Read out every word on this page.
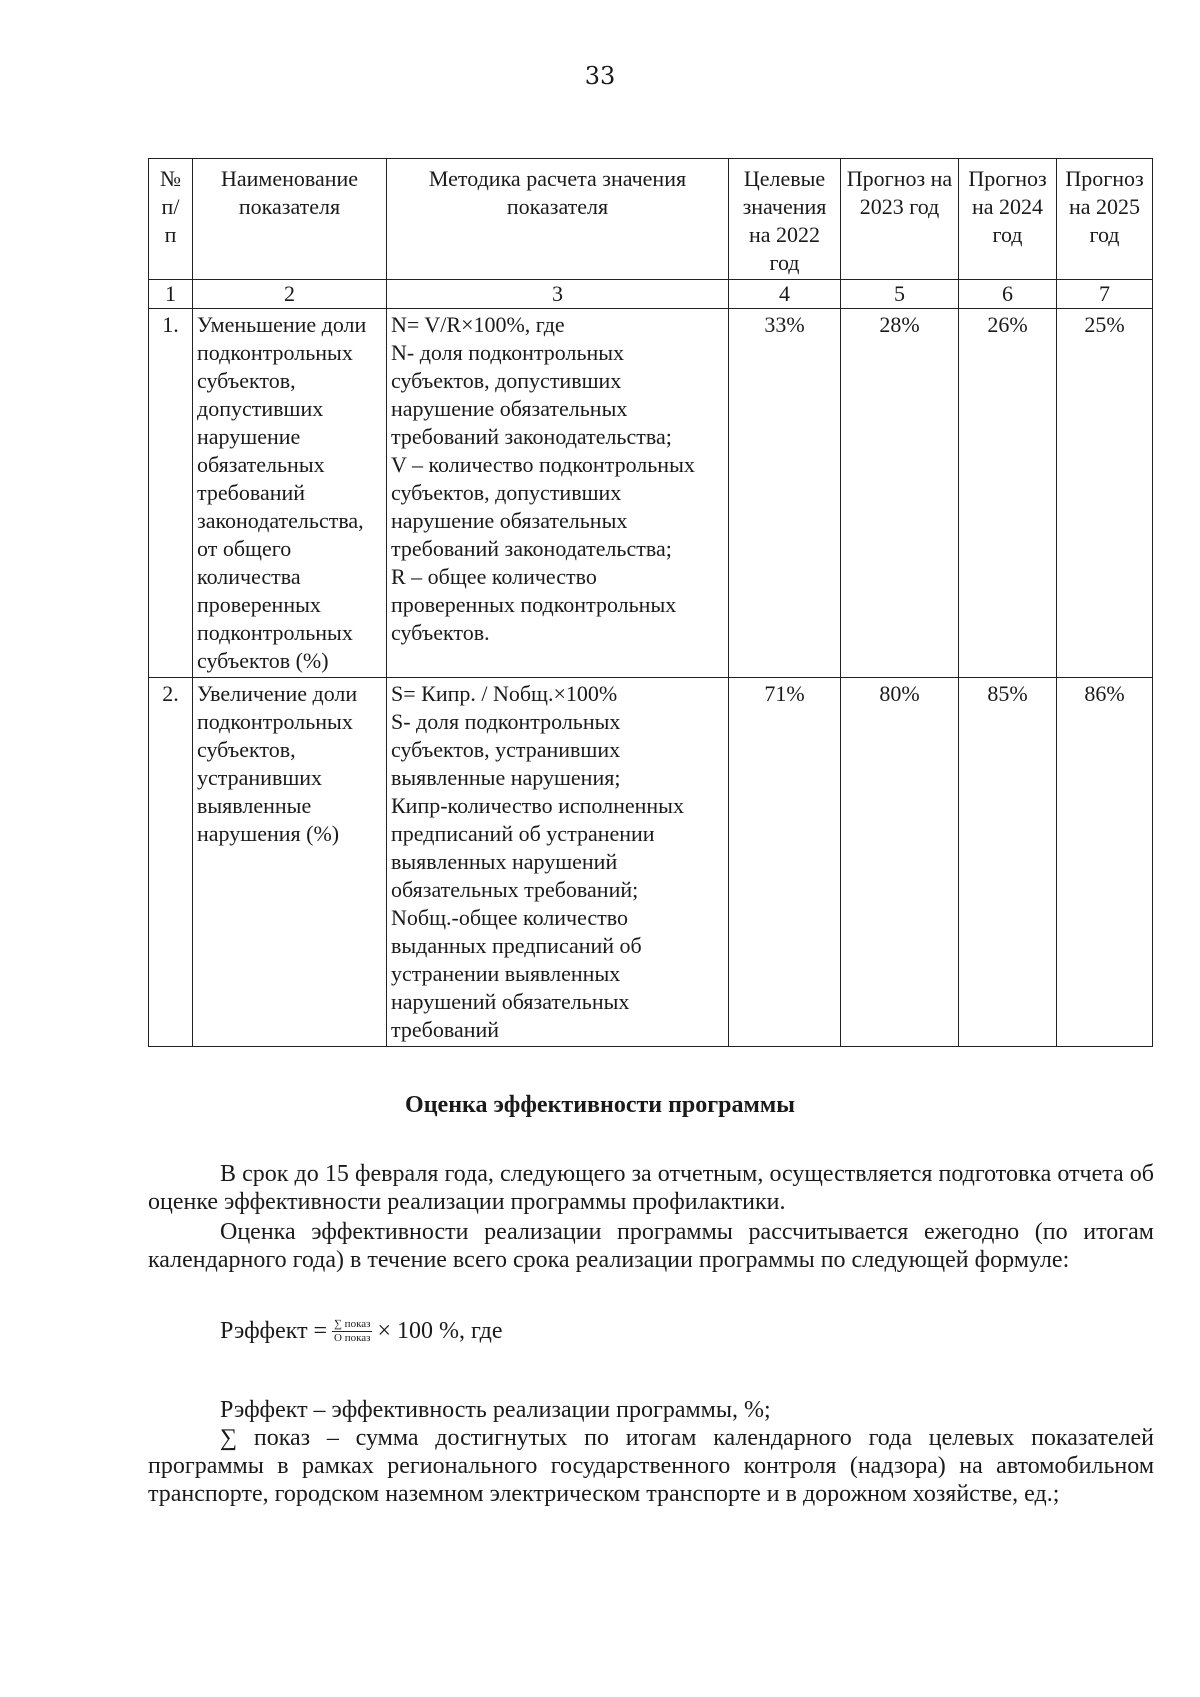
33
№ п/ п	Наименование показателя	Методика расчета значения показателя	Целевые значения на 2022 год	Прогноз на 2023 год	Прогноз на 2024 год	Прогноз на 2025 год
1	2	3	4	5	6	7
1.	Уменьшение доли подконтрольных субъектов, допустивших нарушение обязательных требований законодательства, от общего количества проверенных подконтрольных субъектов (%)	N= V/R×100%, где
N- доля подконтрольных субъектов, допустивших нарушение обязательных требований законодательства;
V – количество подконтрольных субъектов, допустивших нарушение обязательных требований законодательства;
R – общее количество проверенных подконтрольных субъектов.	33%	28%	26%	25%
2.	Увеличение доли подконтрольных субъектов, устранивших выявленные нарушения (%)	S= Кипр. / Nобщ.×100%
S- доля подконтрольных субъектов, устранивших выявленные нарушения;
Кипр-количество исполненных предписаний об устранении выявленных нарушений обязательных требований;
Nобщ.-общее количество выданных предписаний об устранении выявленных нарушений обязательных требований	71%	80%	85%	86%
Оценка эффективности программы

В срок до 15 февраля года, следующего за отчетным, осуществляется подготовка отчета об оценке эффективности реализации программы профилактики.

Оценка эффективности реализации программы рассчитывается ежегодно (по итогам календарного года) в течение всего срока реализации программы по следующей формуле:

Рэффект = $\frac{\text{∑ показ}}{\text{О показ}} \times 100$ %, где

Рэффект – эффективность реализации программы, %;

∑ показ – сумма достигнутых по итогам календарного года целевых показателей программы в рамках регионального государственного контроля (надзора) на автомобильном транспорте, городском наземном электрическом транспорте и в дорожном хозяйстве, ед.;
